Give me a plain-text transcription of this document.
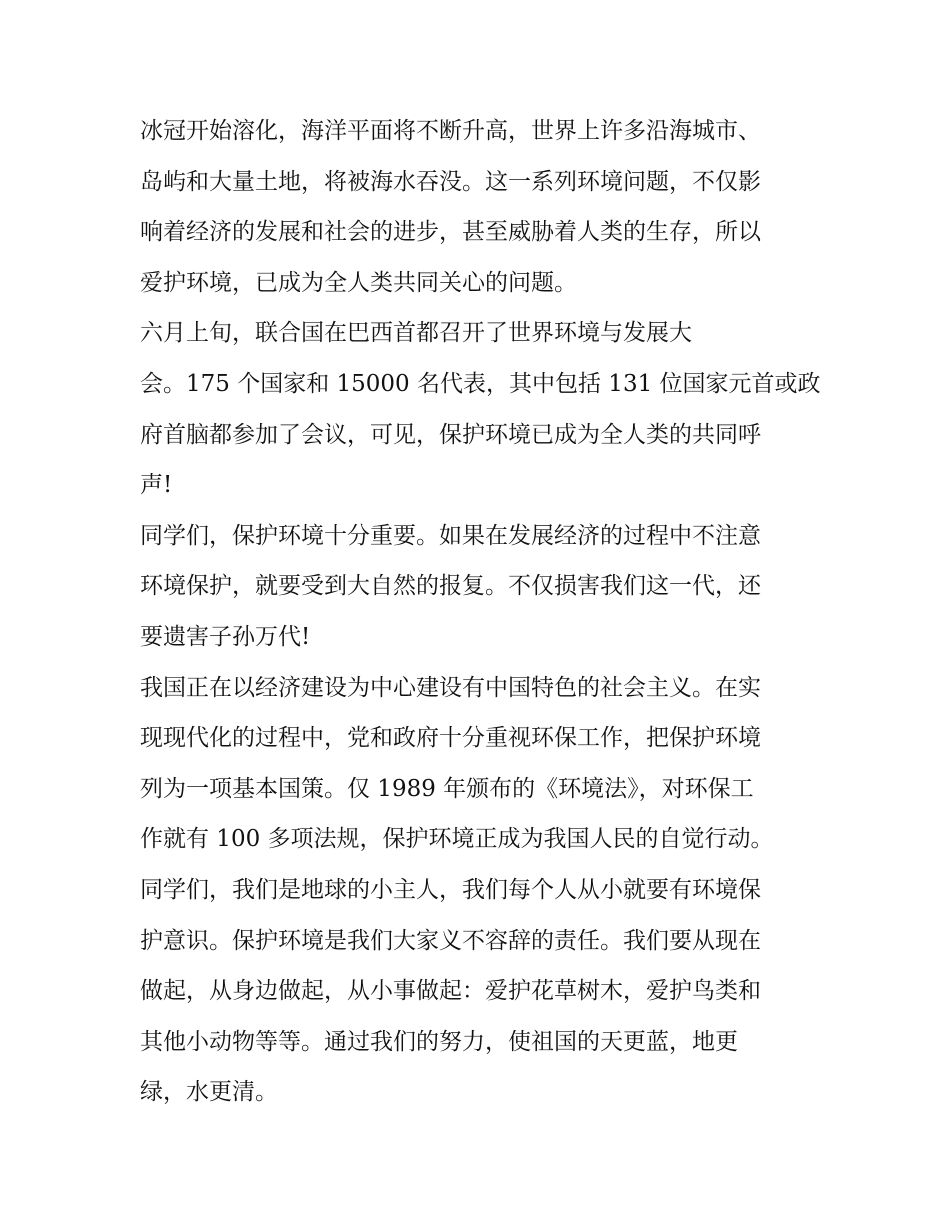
冰冠开始溶化，海洋平面将不断升高，世界上许多沿海城市、
岛屿和大量土地，将被海水吞没。这一系列环境问题，不仅影
响着经济的发展和社会的进步，甚至威胁着人类的生存，所以
爱护环境，已成为全人类共同关心的问题。
六月上旬，联合国在巴西首都召开了世界环境与发展大
会。175 个国家和 15000 名代表，其中包括 131 位国家元首或政
府首脑都参加了会议，可见，保护环境已成为全人类的共同呼
声!
同学们，保护环境十分重要。如果在发展经济的过程中不注意
环境保护，就要受到大自然的报复。不仅损害我们这一代，还
要遗害子孙万代!
我国正在以经济建设为中心建设有中国特色的社会主义。在实
现现代化的过程中，党和政府十分重视环保工作，把保护环境
列为一项基本国策。仅 1989 年颁布的《环境法》，对环保工
作就有 100 多项法规，保护环境正成为我国人民的自觉行动。
同学们，我们是地球的小主人，我们每个人从小就要有环境保
护意识。保护环境是我们大家义不容辞的责任。我们要从现在
做起，从身边做起，从小事做起：爱护花草树木，爱护鸟类和
其他小动物等等。通过我们的努力，使祖国的天更蓝，地更
绿，水更清。
